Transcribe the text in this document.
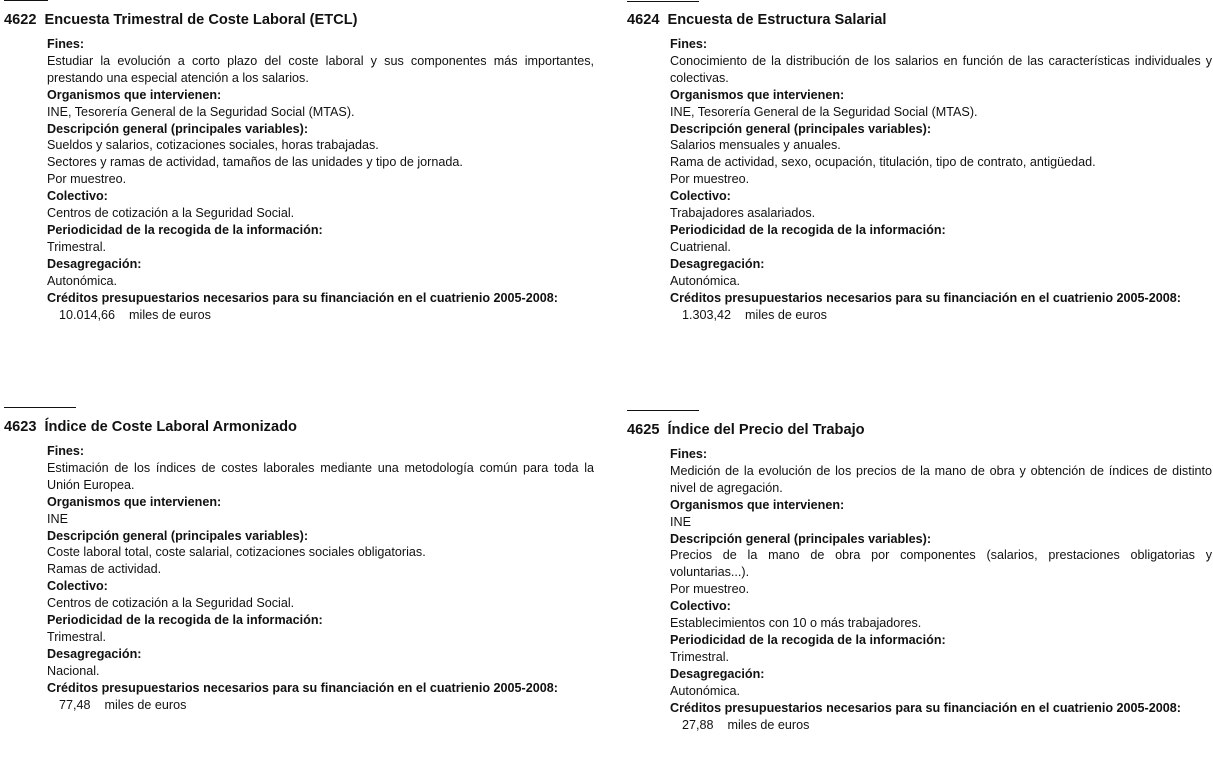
4622 Encuesta Trimestral de Coste Laboral (ETCL)
Fines:
Estudiar la evolución a corto plazo del coste laboral y sus componentes más importantes, prestando una especial atención a los salarios.
Organismos que intervienen:
INE, Tesorería General de la Seguridad Social (MTAS).
Descripción general (principales variables):
Sueldos y salarios, cotizaciones sociales, horas trabajadas.
Sectores y ramas de actividad, tamaños de las unidades y tipo de jornada.
Por muestreo.
Colectivo:
Centros de cotización a la Seguridad Social.
Periodicidad de la recogida de la información:
Trimestral.
Desagregación:
Autonómica.
Créditos presupuestarios necesarios para su financiación en el cuatrienio 2005-2008:
10.014,66 miles de euros
4624 Encuesta de Estructura Salarial
Fines:
Conocimiento de la distribución de los salarios en función de las características individuales y colectivas.
Organismos que intervienen:
INE, Tesorería General de la Seguridad Social (MTAS).
Descripción general (principales variables):
Salarios mensuales y anuales.
Rama de actividad, sexo, ocupación, titulación, tipo de contrato, antigüedad.
Por muestreo.
Colectivo:
Trabajadores asalariados.
Periodicidad de la recogida de la información:
Cuatrienal.
Desagregación:
Autonómica.
Créditos presupuestarios necesarios para su financiación en el cuatrienio 2005-2008:
1.303,42 miles de euros
4623 Índice de Coste Laboral Armonizado
Fines:
Estimación de los índices de costes laborales mediante una metodología común para toda la Unión Europea.
Organismos que intervienen:
INE
Descripción general (principales variables):
Coste laboral total, coste salarial, cotizaciones sociales obligatorias.
Ramas de actividad.
Colectivo:
Centros de cotización a la Seguridad Social.
Periodicidad de la recogida de la información:
Trimestral.
Desagregación:
Nacional.
Créditos presupuestarios necesarios para su financiación en el cuatrienio 2005-2008:
77,48 miles de euros
4625 Índice del Precio del Trabajo
Fines:
Medición de la evolución de los precios de la mano de obra y obtención de índices de distinto nivel de agregación.
Organismos que intervienen:
INE
Descripción general (principales variables):
Precios de la mano de obra por componentes (salarios, prestaciones obligatorias y voluntarias...).
Por muestreo.
Colectivo:
Establecimientos con 10 o más trabajadores.
Periodicidad de la recogida de la información:
Trimestral.
Desagregación:
Autonómica.
Créditos presupuestarios necesarios para su financiación en el cuatrienio 2005-2008:
27,88 miles de euros
